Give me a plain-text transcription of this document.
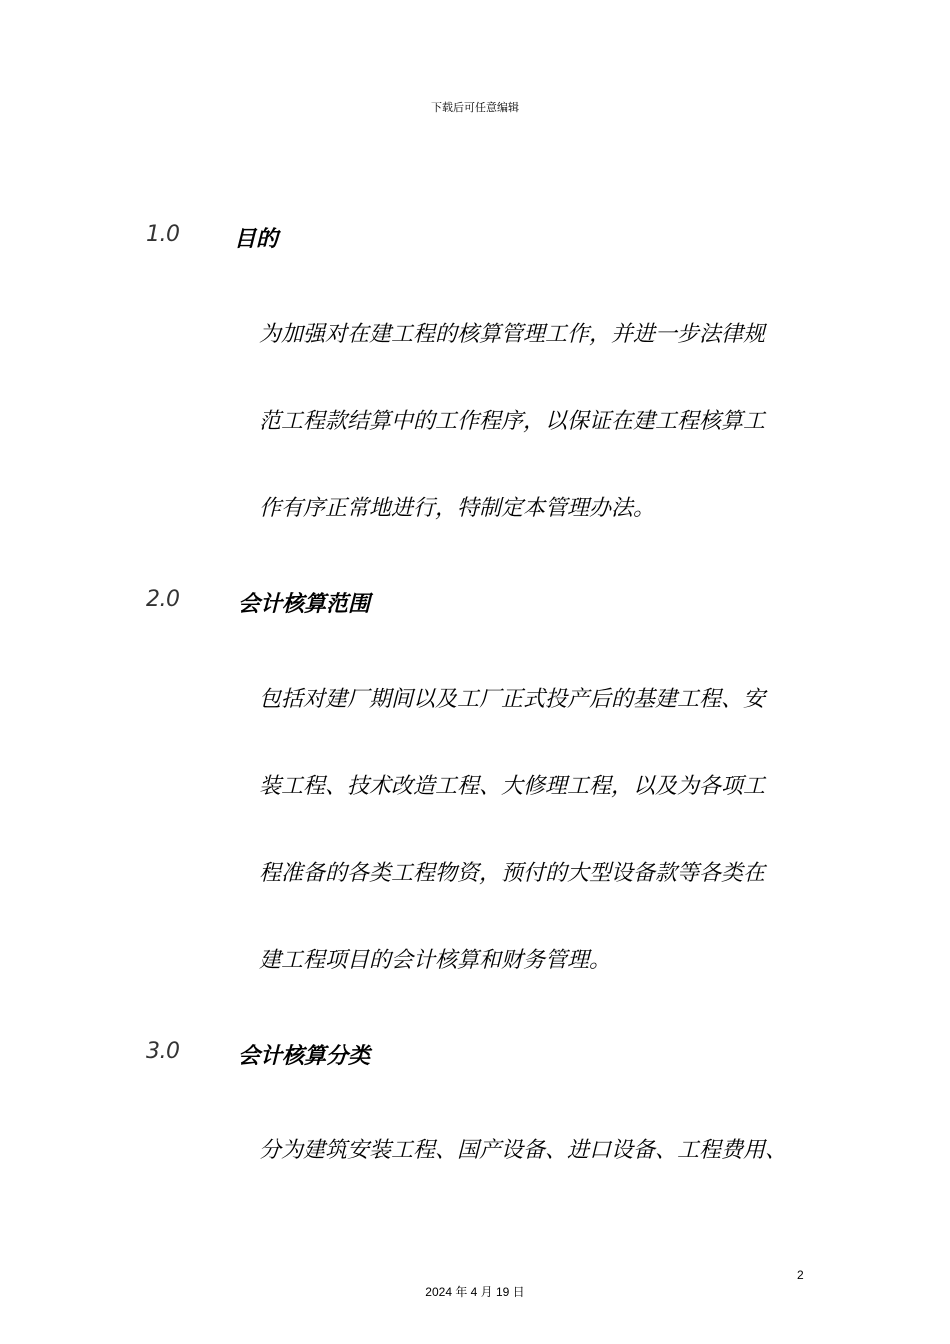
下载后可任意编辑
1.0 目的
为加强对在建工程的核算管理工作，并进一步法律规
范工程款结算中的工作程序，以保证在建工程核算工
作有序正常地进行，特制定本管理办法。
2.0	会计核算范围
包括对建厂期间以及工厂正式投产后的基建工程、安
装工程、技术改造工程、大修理工程，以及为各项工
程准备的各类工程物资，预付的大型设备款等各类在
建工程项目的会计核算和财务管理。
3.0	会计核算分类
分为建筑安装工程、国产设备、进口设备、工程费用、
2
2024 年 4 月 19 日
